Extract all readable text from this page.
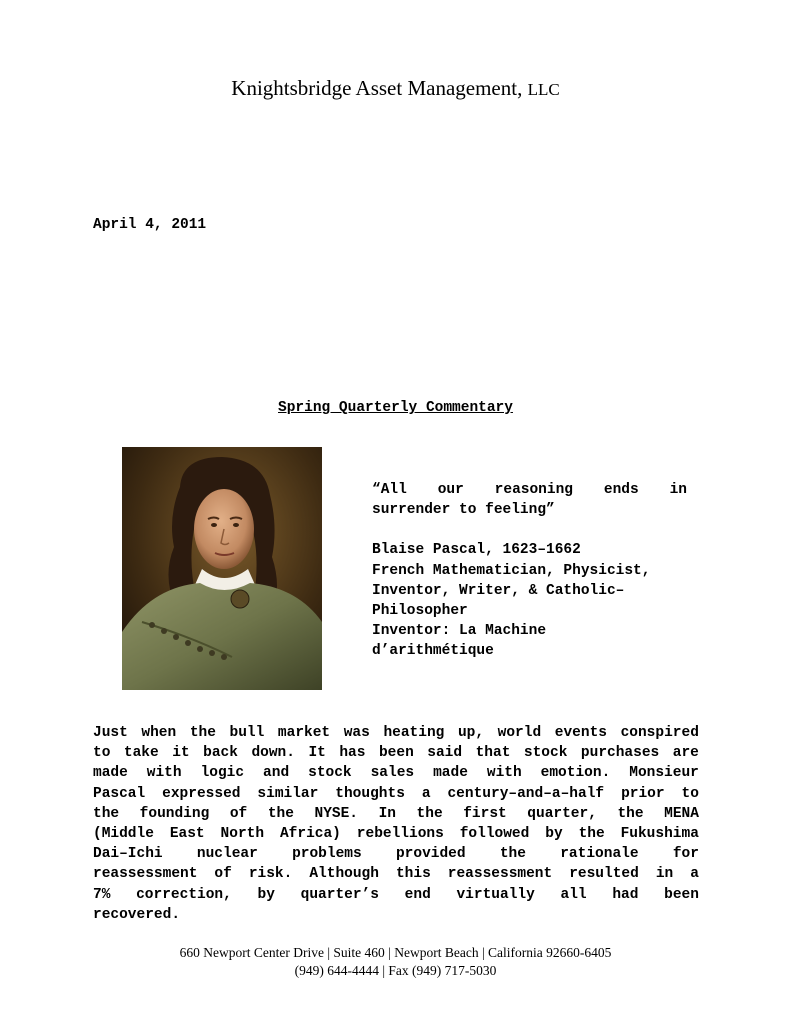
Knightsbridge Asset Management, LLC
April 4, 2011
Spring Quarterly Commentary
“All our reasoning ends in
surrender to feeling”
Blaise Pascal, 1623–1662
French Mathematician, Physicist,
Inventor, Writer, & Catholic–
Philosopher
Inventor: La Machine
d’arithmétique
Just when the bull market was heating up, world events conspired
to take it back down. It has been said that stock purchases are
made with logic and stock sales made with emotion. Monsieur
Pascal expressed similar thoughts a century–and–a–half prior to
the founding of the NYSE. In the first quarter, the MENA
(Middle East North Africa) rebellions followed by the Fukushima
Dai–Ichi nuclear problems provided the rationale for
reassessment of risk. Although this reassessment resulted in a
7% correction, by quarter’s end virtually all had been
recovered.
660 Newport Center Drive | Suite 460 | Newport Beach | California 92660-6405
(949) 644-4444 | Fax (949) 717-5030
